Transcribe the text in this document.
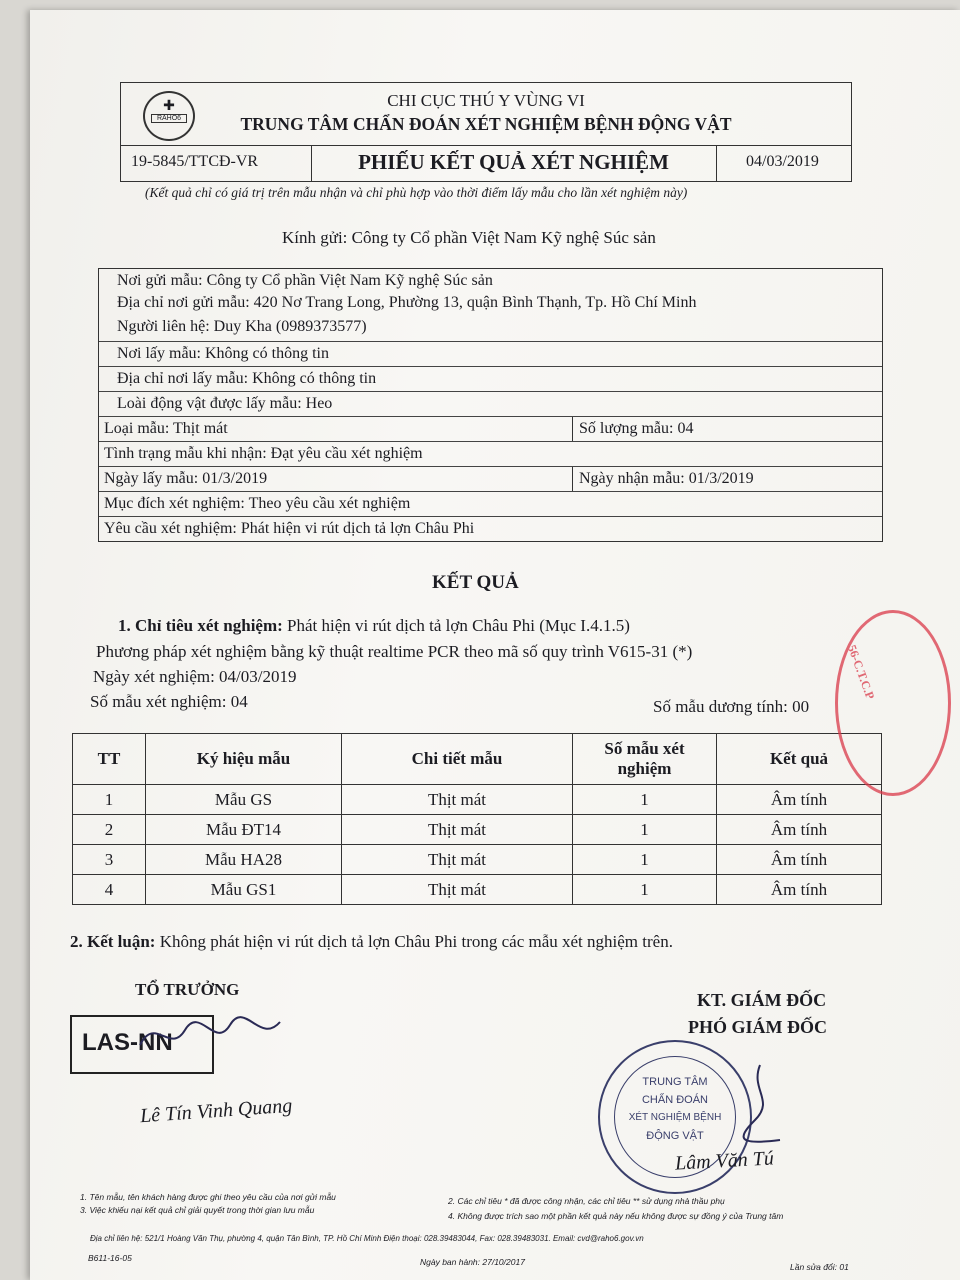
✚
RAHO6
CHI CỤC THÚ Y VÙNG VI
TRUNG TÂM CHẨN ĐOÁN XÉT NGHIỆM BỆNH ĐỘNG VẬT
19-5845/TTCĐ-VR	PHIẾU KẾT QUẢ XÉT NGHIỆM	04/03/2019
(Kết quả chỉ có giá trị trên mẫu nhận và chỉ phù hợp vào thời điểm lấy mẫu cho lần xét nghiệm này)
Kính gửi: Công ty Cổ phần Việt Nam Kỹ nghệ Súc sản
Nơi gửi mẫu: Công ty Cổ phần Việt Nam Kỹ nghệ Súc sản
Địa chỉ nơi gửi mẫu: 420 Nơ Trang Long, Phường 13, quận Bình Thạnh, Tp. Hồ Chí Minh
Người liên hệ: Duy Kha (0989373577)
Nơi lấy mẫu: Không có thông tin
Địa chỉ nơi lấy mẫu: Không có thông tin
Loài động vật được lấy mẫu: Heo
Loại mẫu: Thịt mát	Số lượng mẫu: 04
Tình trạng mẫu khi nhận: Đạt yêu cầu xét nghiệm
Ngày lấy mẫu: 01/3/2019	Ngày nhận mẫu: 01/3/2019
Mục đích xét nghiệm: Theo yêu cầu xét nghiệm
Yêu cầu xét nghiệm: Phát hiện vi rút dịch tả lợn Châu Phi
KẾT QUẢ
1. Chỉ tiêu xét nghiệm: Phát hiện vi rút dịch tả lợn Châu Phi (Mục I.4.1.5)
Phương pháp xét nghiệm bằng kỹ thuật realtime PCR theo mã số quy trình V615-31 (*)
Ngày xét nghiệm: 04/03/2019
Số mẫu xét nghiệm: 04	Số mẫu dương tính: 00
TT	Ký hiệu mẫu	Chi tiết mẫu	Số mẫu xét nghiệm	Kết quả
1	Mẫu GS	Thịt mát	1	Âm tính
2	Mẫu ĐT14	Thịt mát	1	Âm tính
3	Mẫu HA28	Thịt mát	1	Âm tính
4	Mẫu GS1	Thịt mát	1	Âm tính
2. Kết luận: Không phát hiện vi rút dịch tả lợn Châu Phi trong các mẫu xét nghiệm trên.
TỔ TRƯỞNG
LAS-NN
Lê Tín Vinh Quang
56-C.T.C.P
KT. GIÁM ĐỐC
PHÓ GIÁM ĐỐC
TRUNG TÂM
CHẨN ĐOÁN
XÉT NGHIỆM BỆNH
ĐỘNG VẬT
Lâm Văn Tú
1. Tên mẫu, tên khách hàng được ghi theo yêu cầu của nơi gửi mẫu
3. Việc khiếu nại kết quả chỉ giải quyết trong thời gian lưu mẫu
2. Các chỉ tiêu * đã được công nhận, các chỉ tiêu ** sử dụng nhà thầu phụ
4. Không được trích sao một phần kết quả này nếu không được sự đồng ý của Trung tâm
Địa chỉ liên hệ: 521/1 Hoàng Văn Thụ, phường 4, quận Tân Bình, TP. Hồ Chí Minh Điện thoại: 028.39483044, Fax: 028.39483031. Email: cvd@raho6.gov.vn
B611-16-05	Ngày ban hành: 27/10/2017	Lần sửa đổi: 01
